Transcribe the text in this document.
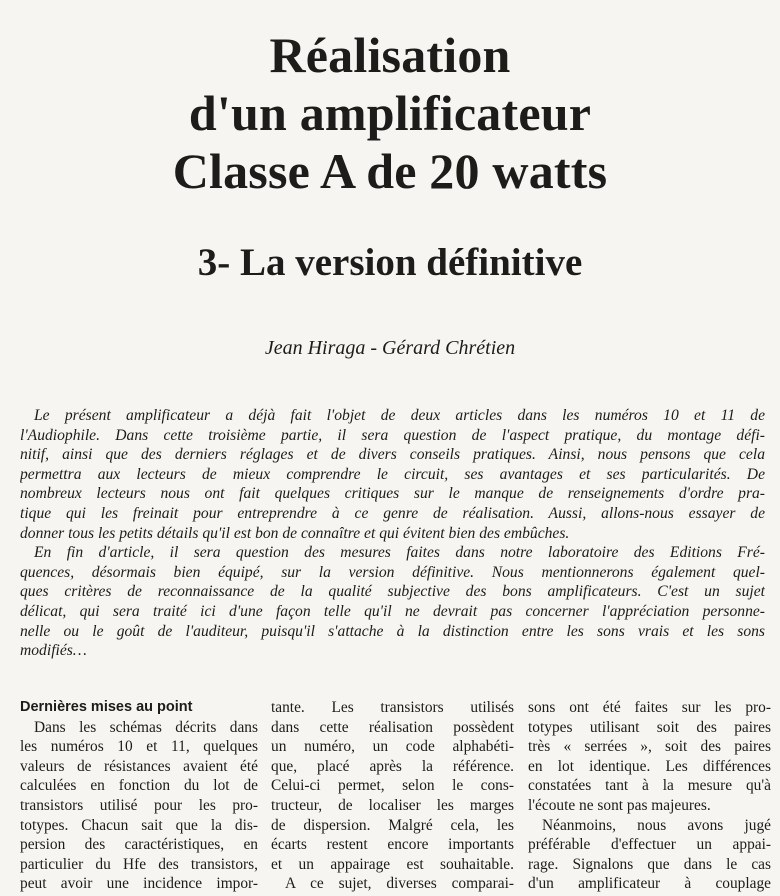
Réalisation
d'un amplificateur
Classe A de 20 watts
3- La version définitive
Jean Hiraga - Gérard Chrétien
Le présent amplificateur a déjà fait l'objet de deux articles dans les numéros 10 et 11 de
l'Audiophile. Dans cette troisième partie, il sera question de l'aspect pratique, du montage défi-
nitif, ainsi que des derniers réglages et de divers conseils pratiques. Ainsi, nous pensons que cela
permettra aux lecteurs de mieux comprendre le circuit, ses avantages et ses particularités. De
nombreux lecteurs nous ont fait quelques critiques sur le manque de renseignements d'ordre pra-
tique qui les freinait pour entreprendre à ce genre de réalisation. Aussi, allons-nous essayer de
donner tous les petits détails qu'il est bon de connaître et qui évitent bien des embûches.
En fin d'article, il sera question des mesures faites dans notre laboratoire des Editions Fré-
quences, désormais bien équipé, sur la version définitive. Nous mentionnerons également quel-
ques critères de reconnaissance de la qualité subjective des bons amplificateurs. C'est un sujet
délicat, qui sera traité ici d'une façon telle qu'il ne devrait pas concerner l'appréciation personne-
nelle ou le goût de l'auditeur, puisqu'il s'attache à la distinction entre les sons vrais et les sons
modifiés…
Dernières mises au point
Dans les schémas décrits dans
les numéros 10 et 11, quelques
valeurs de résistances avaient été
calculées en fonction du lot de
transistors utilisé pour les pro-
totypes. Chacun sait que la dis-
persion des caractéristiques, en
particulier du Hfe des transistors,
peut avoir une incidence impor-
tante. Les transistors utilisés
dans cette réalisation possèdent
un numéro, un code alphabéti-
que, placé après la référence.
Celui-ci permet, selon le cons-
tructeur, de localiser les marges
de dispersion. Malgré cela, les
écarts restent encore importants
et un appairage est souhaitable.
A ce sujet, diverses comparai-
sons ont été faites sur les pro-
totypes utilisant soit des paires
très « serrées », soit des paires
en lot identique. Les différences
constatées tant à la mesure qu'à
l'écoute ne sont pas majeures.
Néanmoins, nous avons jugé
préférable d'effectuer un appai-
rage. Signalons que dans le cas
d'un amplificateur à couplage
